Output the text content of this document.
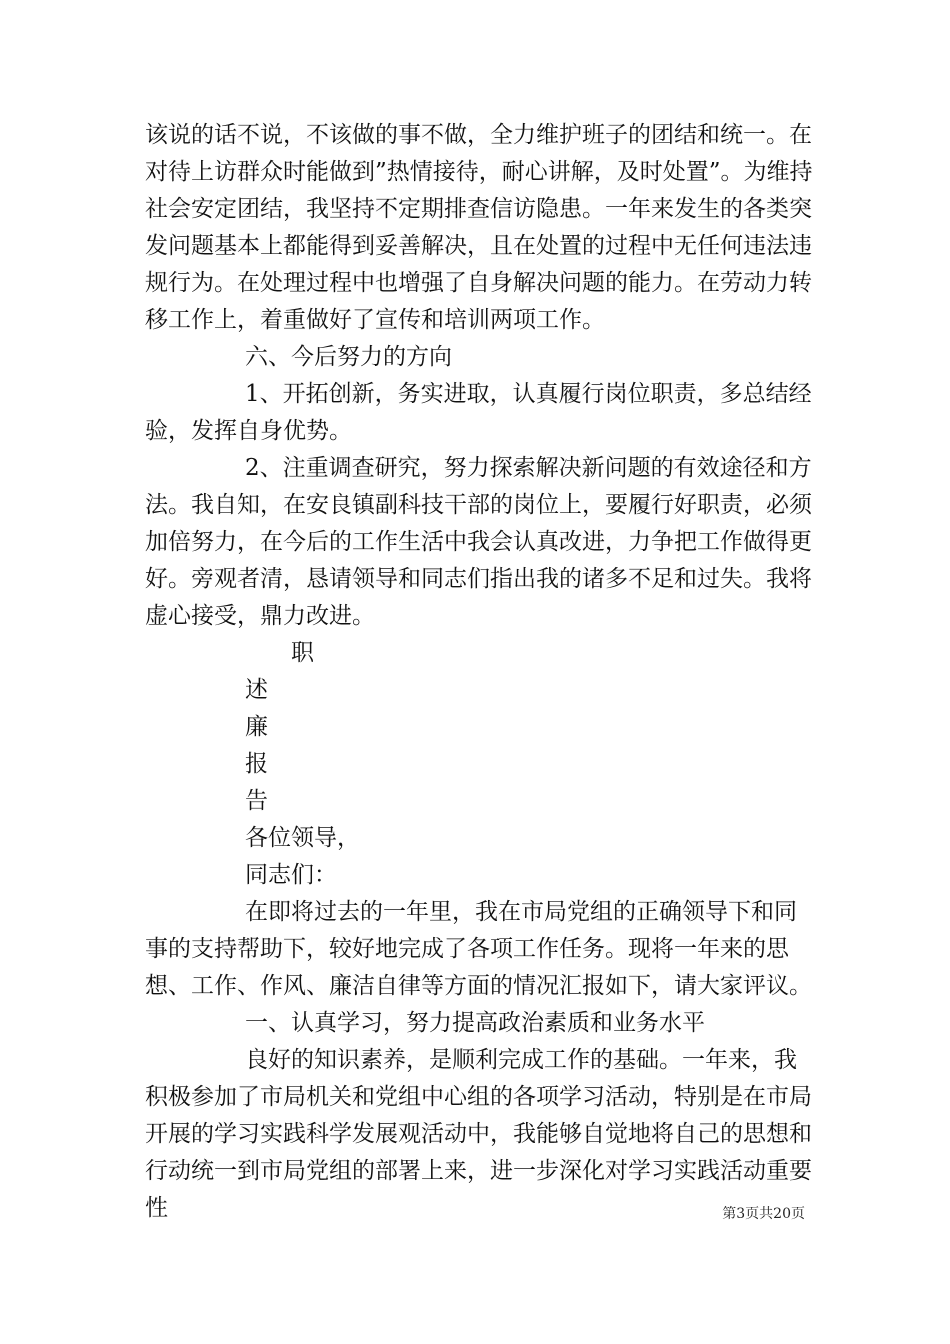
该说的话不说，不该做的事不做，全力维护班子的团结和统一。在对待上访群众时能做到”热情接待，耐心讲解，及时处置”。为维持社会安定团结，我坚持不定期排查信访隐患。一年来发生的各类突发问题基本上都能得到妥善解决，且在处置的过程中无任何违法违规行为。在处理过程中也增强了自身解决问题的能力。在劳动力转移工作上，着重做好了宣传和培训两项工作。

六、今后努力的方向

1、开拓创新，务实进取，认真履行岗位职责，多总结经验，发挥自身优势。

2、注重调查研究，努力探索解决新问题的有效途径和方法。我自知，在安良镇副科技干部的岗位上，要履行好职责，必须加倍努力，在今后的工作生活中我会认真改进，力争把工作做得更好。旁观者清，恳请领导和同志们指出我的诸多不足和过失。我将虚心接受，鼎力改进。

职
述
廉
报
告

各位领导，

同志们：

在即将过去的一年里，我在市局党组的正确领导下和同事的支持帮助下，较好地完成了各项工作任务。现将一年来的思想、工作、作风、廉洁自律等方面的情况汇报如下，请大家评议。

一、认真学习，努力提高政治素质和业务水平

良好的知识素养，是顺利完成工作的基础。一年来，我积极参加了市局机关和党组中心组的各项学习活动，特别是在市局开展的学习实践科学发展观活动中，我能够自觉地将自己的思想和行动统一到市局党组的部署上来，进一步深化对学习实践活动重要性	第3页共20页
